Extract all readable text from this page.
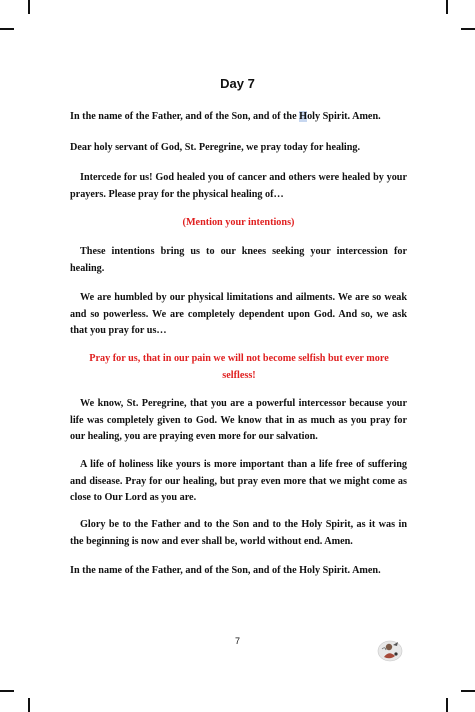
Day 7
In the name of the Father, and of the Son, and of the Holy Spirit. Amen.
Dear holy servant of God, St. Peregrine, we pray today for healing.
Intercede for us! God healed you of cancer and others were healed by your prayers. Please pray for the physical healing of…
(Mention your intentions)
These intentions bring us to our knees seeking your intercession for healing.
We are humbled by our physical limitations and ailments. We are so weak and so powerless. We are completely dependent upon God. And so, we ask that you pray for us…
Pray for us, that in our pain we will not become selfish but ever more selfless!
We know, St. Peregrine, that you are a powerful intercessor because your life was completely given to God. We know that in as much as you pray for our healing, you are praying even more for our salvation.
A life of holiness like yours is more important than a life free of suffering and disease. Pray for our healing, but pray even more that we might come as close to Our Lord as you are.
Glory be to the Father and to the Son and to the Holy Spirit, as it was in the beginning is now and ever shall be, world without end. Amen.
In the name of the Father, and of the Son, and of the Holy Spirit. Amen.
7
